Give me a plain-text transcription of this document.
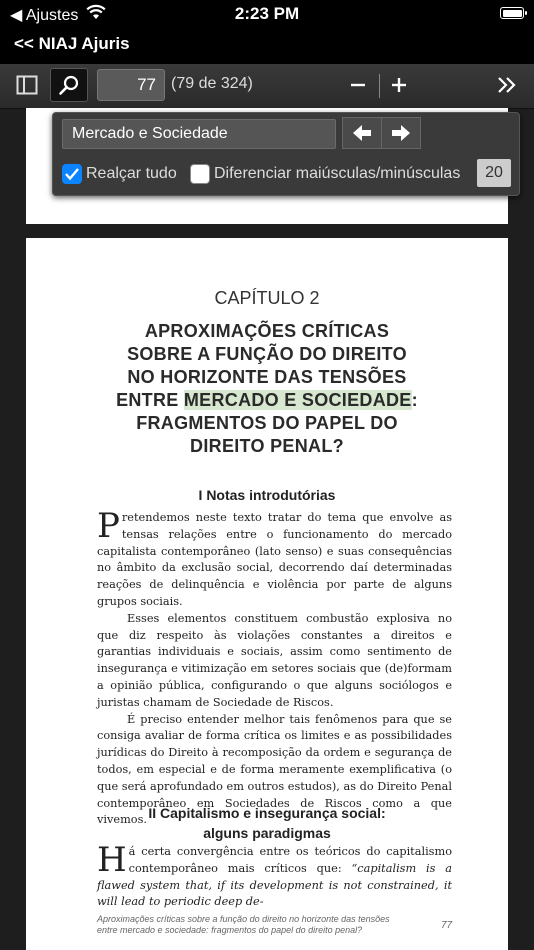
◀ Ajustes	2:23 PM
<< NIAJ Ajuris
77 (79 de 324)
Mercado e Sociedade
Realçar tudo Diferenciar maiúsculas/minúsculas	20
CAPÍTULO 2
APROXIMAÇÕES CRÍTICAS
SOBRE A FUNÇÃO DO DIREITO
NO HORIZONTE DAS TENSÕES
ENTRE MERCADO E SOCIEDADE:
FRAGMENTOS DO PAPEL DO
DIREITO PENAL?
I Notas introdutórias

Pretendemos neste texto tratar do tema que envolve as tensas relações entre o funcionamento do mercado capitalista contemporâneo (lato senso) e suas consequências no âmbito da exclusão social, decorrendo daí determinadas reações de delinquência e violência por parte de alguns grupos sociais.

Esses elementos constituem combustão explosiva no que diz respeito às violações constantes a direitos e garantias individuais e sociais, assim como sentimento de insegurança e vitimização em setores sociais que (de)formam a opinião pública, configurando o que alguns sociólogos e juristas chamam de Sociedade de Riscos.

É preciso entender melhor tais fenômenos para que se consiga avaliar de forma crítica os limites e as possibilidades jurídicas do Direito à recomposição da ordem e segurança de todos, em especial e de forma meramente exemplificativa (o que será aprofundado em outros estudos), as do Direito Penal contemporâneo em Sociedades de Riscos como a que vivemos. II Capitalismo e insegurança social:
alguns paradigmas

Há certa convergência entre os teóricos do capitalismo contemporâneo mais críticos que: “capitalism is a flawed system that, if its development is not constrained, it will lead to periodic deep de-

Aproximações críticas sobre a função do direito no horizonte das tensões
entre mercado e sociedade: fragmentos do papel do direito penal?	77
